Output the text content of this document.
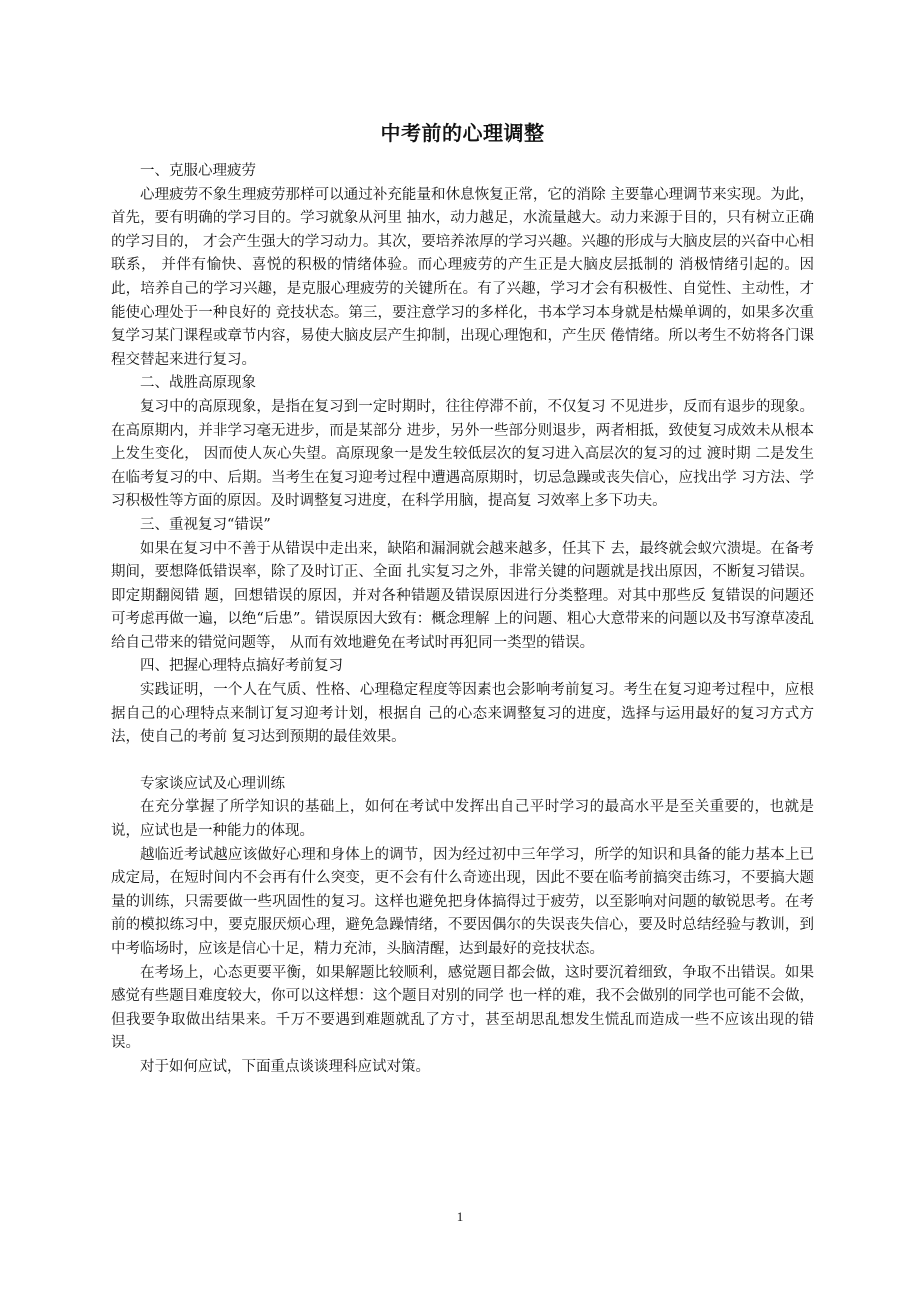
中考前的心理调整

一、克服心理疲劳

心理疲劳不象生理疲劳那样可以通过补充能量和休息恢复正常，它的消除 主要靠心理调节来实现。为此，首先，要有明确的学习目的。学习就象从河里 抽水，动力越足，水流量越大。动力来源于目的，只有树立正确的学习目的， 才会产生强大的学习动力。其次，要培养浓厚的学习兴趣。兴趣的形成与大脑皮层的兴奋中心相联系， 并伴有愉快、喜悦的积极的情绪体验。而心理疲劳的产生正是大脑皮层抵制的 消极情绪引起的。因此，培养自己的学习兴趣，是克服心理疲劳的关键所在。有了兴趣，学习才会有积极性、自觉性、主动性，才能使心理处于一种良好的 竞技状态。第三，要注意学习的多样化，书本学习本身就是枯燥单调的，如果多次重 复学习某门课程或章节内容，易使大脑皮层产生抑制，出现心理饱和，产生厌 倦情绪。所以考生不妨将各门课程交替起来进行复习。

二、战胜高原现象

复习中的高原现象，是指在复习到一定时期时，往往停滞不前，不仅复习 不见进步，反而有退步的现象。在高原期内，并非学习毫无进步，而是某部分 进步，另外一些部分则退步，两者相抵，致使复习成效未从根本上发生变化， 因而使人灰心失望。高原现象一是发生较低层次的复习进入高层次的复习的过 渡时期 二是发生在临考复习的中、后期。当考生在复习迎考过程中遭遇高原期时，切忌急躁或丧失信心，应找出学 习方法、学习积极性等方面的原因。及时调整复习进度，在科学用脑，提高复 习效率上多下功夫。

三、重视复习“错误”

如果在复习中不善于从错误中走出来，缺陷和漏洞就会越来越多，任其下 去，最终就会蚁穴溃堤。在备考期间，要想降低错误率，除了及时订正、全面 扎实复习之外，非常关键的问题就是找出原因，不断复习错误。即定期翻阅错 题，回想错误的原因，并对各种错题及错误原因进行分类整理。对其中那些反 复错误的问题还可考虑再做一遍，以绝“后患”。错误原因大致有：概念理解 上的问题、粗心大意带来的问题以及书写潦草凌乱给自己带来的错觉问题等， 从而有效地避免在考试时再犯同一类型的错误。

四、把握心理特点搞好考前复习

实践证明，一个人在气质、性格、心理稳定程度等因素也会影响考前复习。考生在复习迎考过程中，应根据自己的心理特点来制订复习迎考计划，根据自 己的心态来调整复习的进度，选择与运用最好的复习方式方法，使自己的考前 复习达到预期的最佳效果。

专家谈应试及心理训练

在充分掌握了所学知识的基础上，如何在考试中发挥出自己平时学习的最高水平是至关重要的，也就是说，应试也是一种能力的体现。

越临近考试越应该做好心理和身体上的调节，因为经过初中三年学习，所学的知识和具备的能力基本上已成定局，在短时间内不会再有什么突变，更不会有什么奇迹出现，因此不要在临考前搞突击练习，不要搞大题量的训练，只需要做一些巩固性的复习。这样也避免把身体搞得过于疲劳，以至影响对问题的敏锐思考。在考前的模拟练习中，要克服厌烦心理，避免急躁情绪，不要因偶尔的失误丧失信心，要及时总结经验与教训，到中考临场时，应该是信心十足，精力充沛，头脑清醒，达到最好的竞技状态。

在考场上，心态更要平衡，如果解题比较顺利，感觉题目都会做，这时要沉着细致，争取不出错误。如果感觉有些题目难度较大，你可以这样想：这个题目对别的同学 也一样的难，我不会做别的同学也可能不会做，但我要争取做出结果来。千万不要遇到难题就乱了方寸，甚至胡思乱想发生慌乱而造成一些不应该出现的错误。

对于如何应试，下面重点谈谈理科应试对策。

1
